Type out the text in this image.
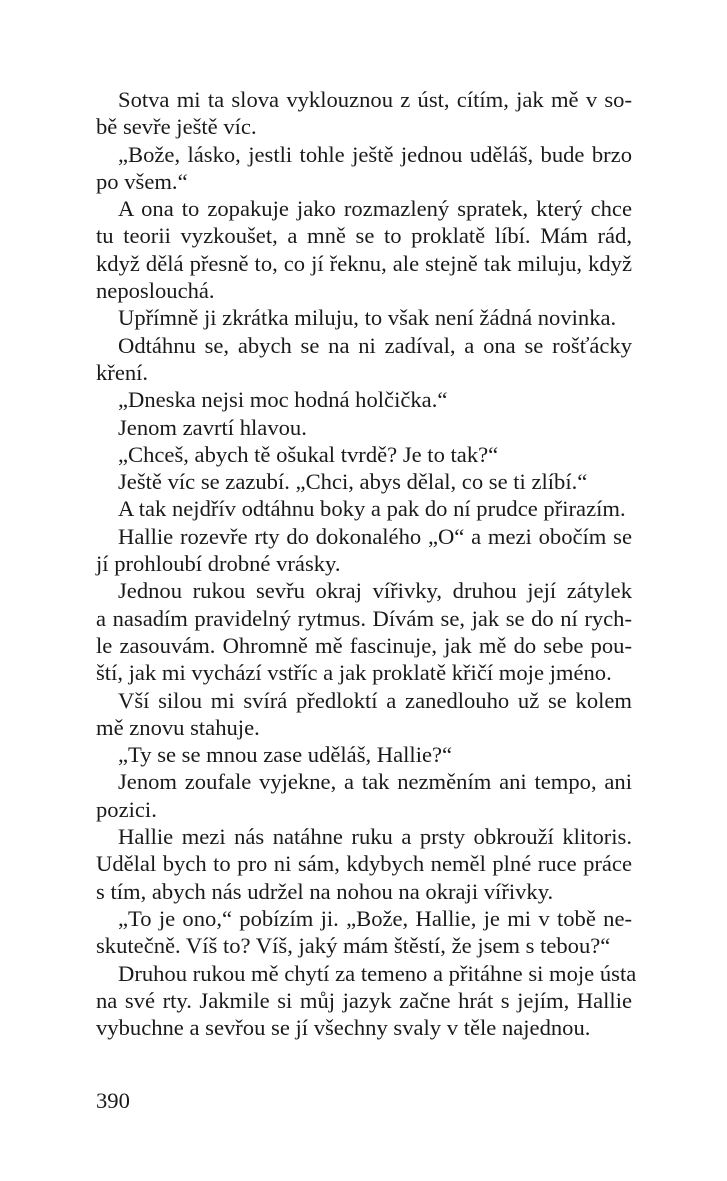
Sotva mi ta slova vyklouznou z úst, cítím, jak mě v so-
bě sevře ještě víc.
„Bože, lásko, jestli tohle ještě jednou uděláš, bude brzo
po všem.“
A ona to zopakuje jako rozmazlený spratek, který chce
tu teorii vyzkoušet, a mně se to proklatě líbí. Mám rád,
když dělá přesně to, co jí řeknu, ale stejně tak miluju, když
neposlouchá.
Upřímně ji zkrátka miluju, to však není žádná novinka.
Odtáhnu se, abych se na ni zadíval, a ona se rošťácky
kření.
„Dneska nejsi moc hodná holčička.“
Jenom zavrtí hlavou.
„Chceš, abych tě ošukal tvrdě? Je to tak?“
Ještě víc se zazubí. „Chci, abys dělal, co se ti zlíbí.“
A tak nejdřív odtáhnu boky a pak do ní prudce přirazím.
Hallie rozevře rty do dokonalého „O“ a mezi obočím se
jí prohloubí drobné vrásky.
Jednou rukou sevřu okraj vířivky, druhou její zátylek
a nasadím pravidelný rytmus. Dívám se, jak se do ní rych-
le zasouvám. Ohromně mě fascinuje, jak mě do sebe pou-
ští, jak mi vychází vstříc a jak proklatě křičí moje jméno.
Vší silou mi svírá předloktí a zanedlouho už se kolem
mě znovu stahuje.
„Ty se se mnou zase uděláš, Hallie?“
Jenom zoufale vyjekne, a tak nezměním ani tempo, ani
pozici.
Hallie mezi nás natáhne ruku a prsty obkrouží klitoris.
Udělal bych to pro ni sám, kdybych neměl plné ruce práce
s tím, abych nás udržel na nohou na okraji vířivky.
„To je ono,“ pobízím ji. „Bože, Hallie, je mi v tobě ne-
skutečně. Víš to? Víš, jaký mám štěstí, že jsem s tebou?“
Druhou rukou mě chytí za temeno a přitáhne si moje ústa
na své rty. Jakmile si můj jazyk začne hrát s jejím, Hallie
vybuchne a sevřou se jí všechny svaly v těle najednou.
390
